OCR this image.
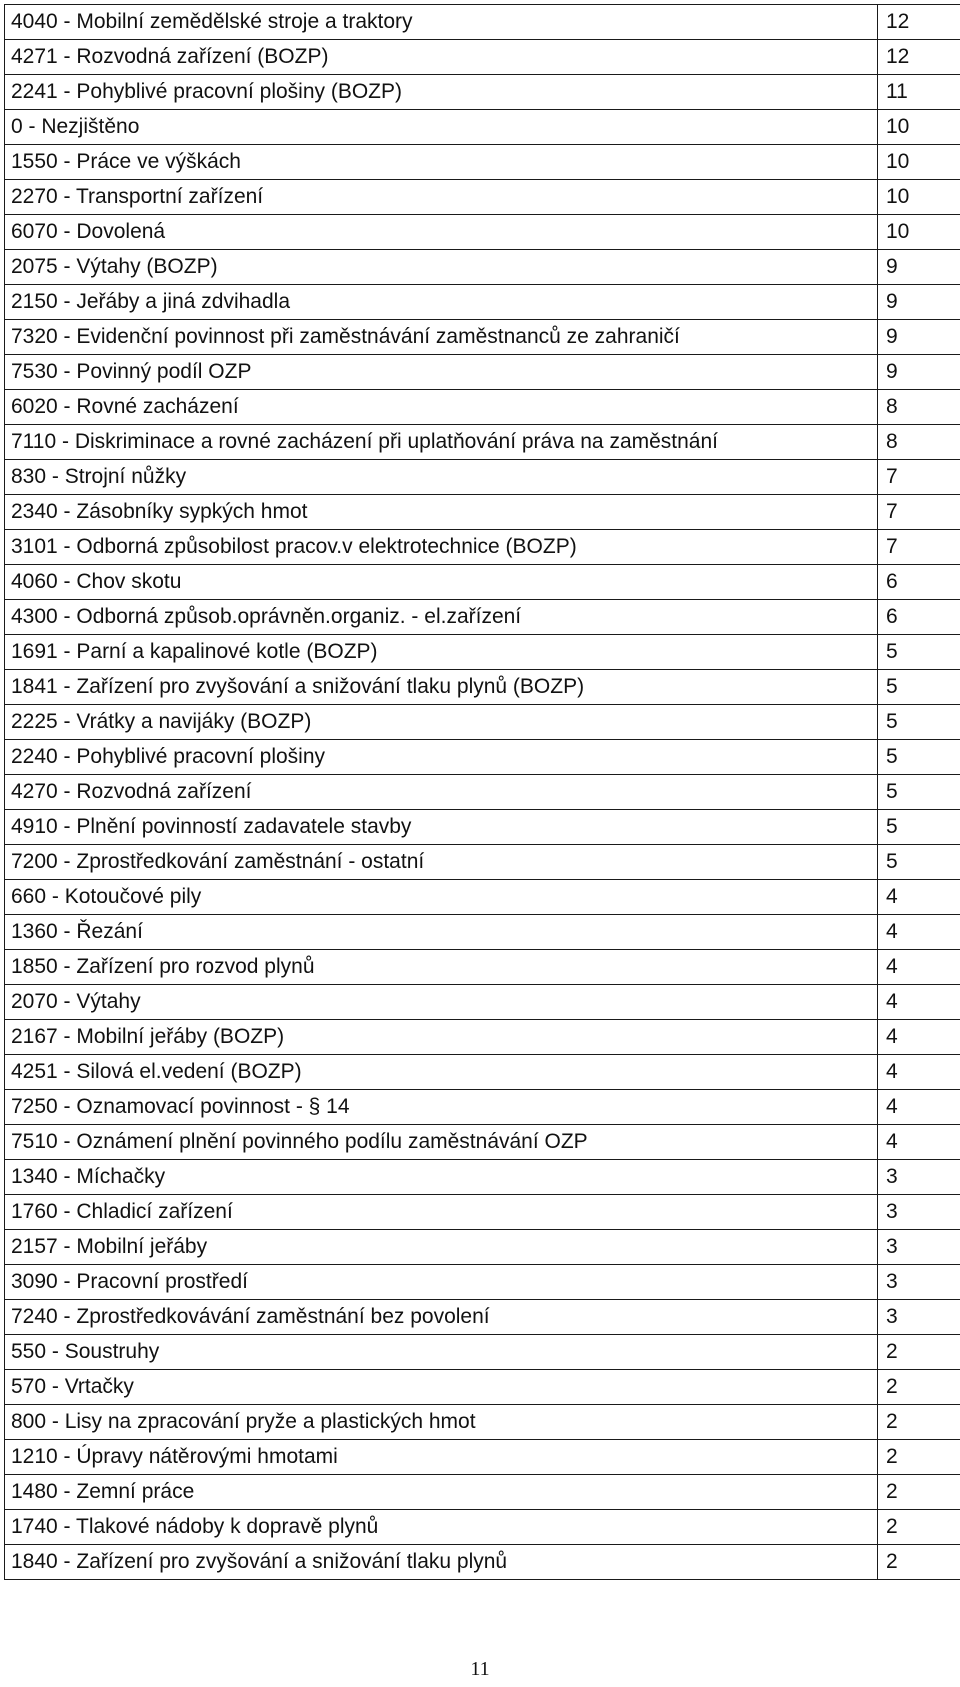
4040 - Mobilní zemědělské stroje a traktory	12
4271 - Rozvodná zařízení (BOZP)	12
2241 - Pohyblivé pracovní plošiny (BOZP)	11
0 - Nezjištěno	10
1550 - Práce ve výškách	10
2270 - Transportní zařízení	10
6070 - Dovolená	10
2075 - Výtahy (BOZP)	9
2150 - Jeřáby a jiná zdvihadla	9
7320 - Evidenční povinnost při zaměstnávání zaměstnanců ze zahraničí	9
7530 - Povinný podíl OZP	9
6020 - Rovné zacházení	8
7110 - Diskriminace a rovné zacházení při uplatňování práva na zaměstnání	8
830 - Strojní nůžky	7
2340 - Zásobníky sypkých hmot	7
3101 - Odborná způsobilost pracov.v elektrotechnice (BOZP)	7
4060 - Chov skotu	6
4300 - Odborná způsob.oprávněn.organiz. - el.zařízení	6
1691 - Parní a kapalinové kotle (BOZP)	5
1841 - Zařízení pro zvyšování a snižování tlaku plynů (BOZP)	5
2225 - Vrátky a navijáky (BOZP)	5
2240 - Pohyblivé pracovní plošiny	5
4270 - Rozvodná zařízení	5
4910 - Plnění povinností zadavatele stavby	5
7200 - Zprostředkování zaměstnání - ostatní	5
660 - Kotoučové pily	4
1360 - Řezání	4
1850 - Zařízení pro rozvod plynů	4
2070 - Výtahy	4
2167 - Mobilní jeřáby (BOZP)	4
4251 - Silová el.vedení (BOZP)	4
7250 - Oznamovací povinnost - § 14	4
7510 - Oznámení plnění povinného podílu zaměstnávání OZP	4
1340 - Míchačky	3
1760 - Chladicí zařízení	3
2157 - Mobilní jeřáby	3
3090 - Pracovní prostředí	3
7240 - Zprostředkovávání zaměstnání bez povolení	3
550 - Soustruhy	2
570 - Vrtačky	2
800 - Lisy na zpracování pryže a plastických hmot	2
1210 - Úpravy nátěrovými hmotami	2
1480 - Zemní práce	2
1740 - Tlakové nádoby k dopravě plynů	2
1840 - Zařízení pro zvyšování a snižování tlaku plynů	2
11
